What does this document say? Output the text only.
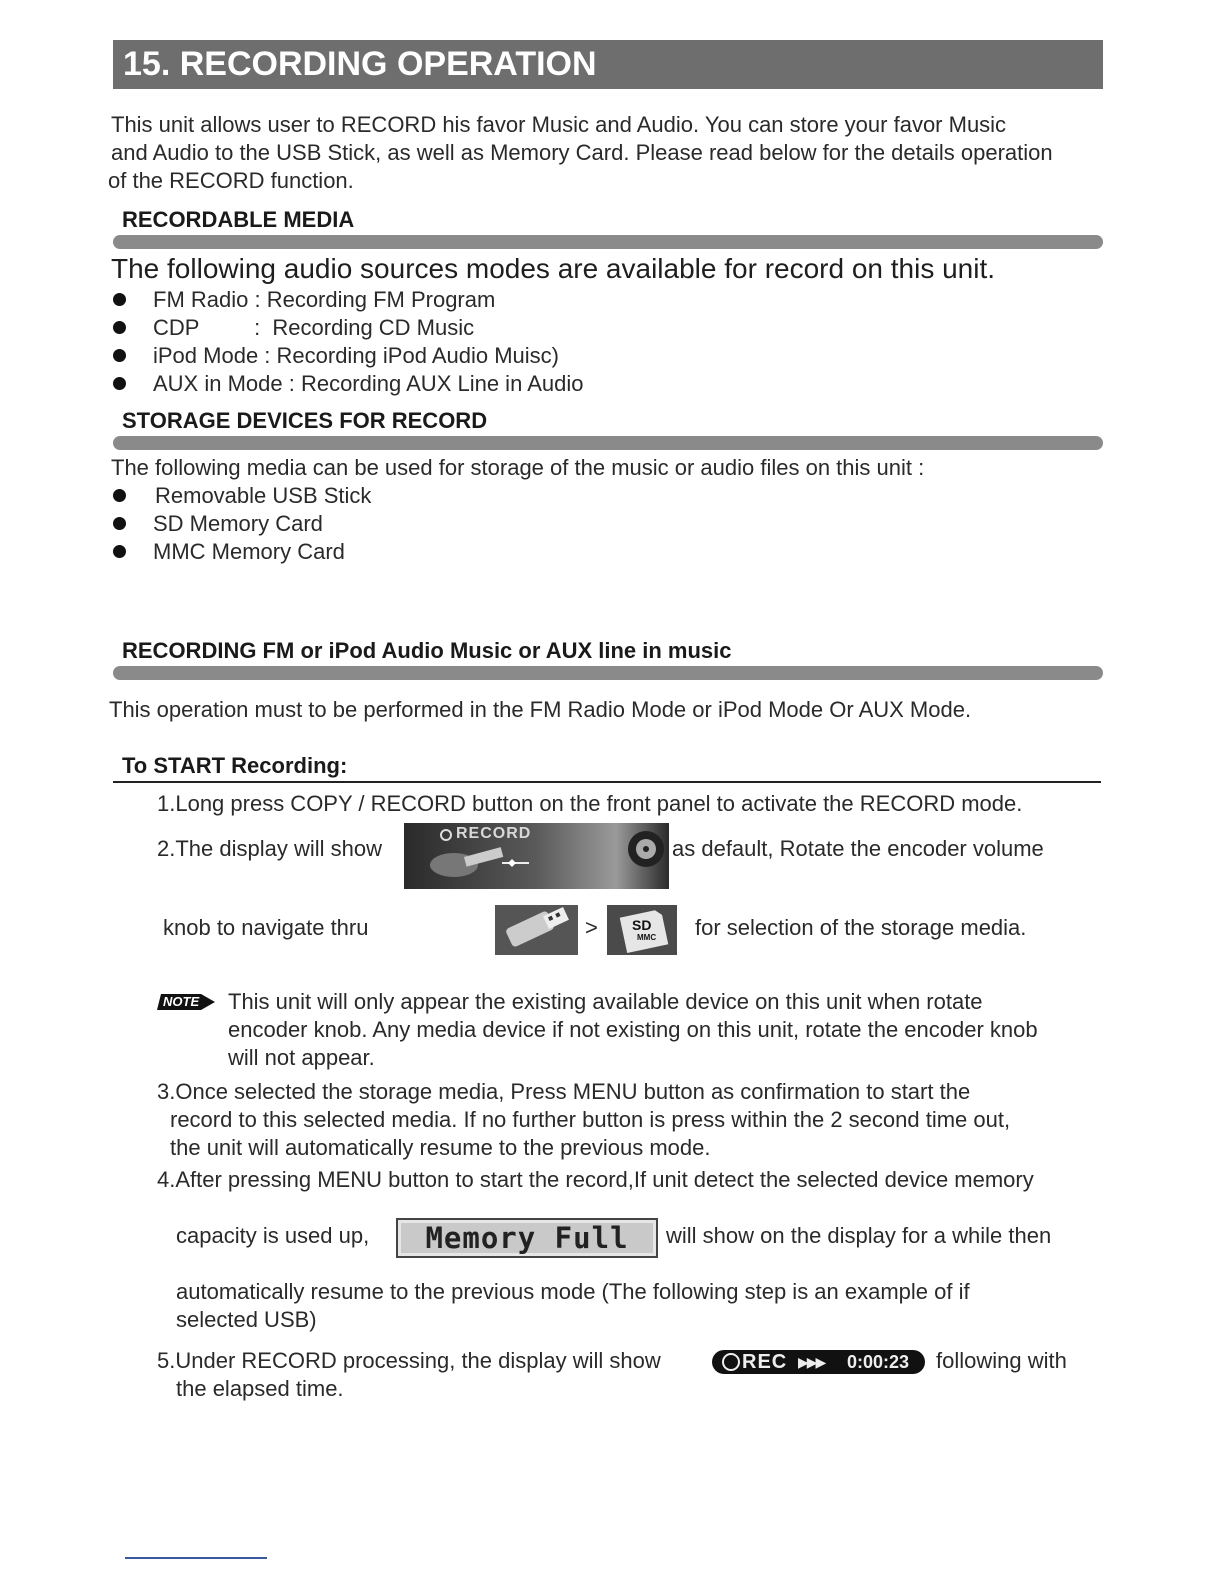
15. RECORDING OPERATION
This unit allows user to RECORD his favor Music and Audio. You can store your favor Music
and Audio to the USB Stick, as well as Memory Card. Please read below for the details operation
of the RECORD function.
RECORDABLE MEDIA
The following audio sources modes are available for record on this unit.
FM Radio : Recording FM Program
CDP         :  Recording CD Music
iPod Mode : Recording iPod Audio Muisc)
AUX in Mode : Recording AUX Line in Audio
STORAGE DEVICES FOR RECORD
The following media can be used for storage of the music or audio files on this unit :
Removable USB Stick
SD Memory Card
MMC Memory Card
RECORDING FM or iPod Audio Music or AUX line in music
This operation must to be performed in the FM Radio Mode or iPod Mode Or AUX Mode.
To START Recording:
1.Long press COPY / RECORD button on the front panel to activate the RECORD mode.
2.The display will show
RECORD
as default, Rotate the encoder volume
knob to navigate thru	> SD
MMC for selection of the storage media.
NOTE This unit will only appear the existing available device on this unit when rotate
encoder knob. Any media device if not existing on this unit, rotate the encoder knob
will not appear.
3.Once selected the storage media, Press MENU button as confirmation to start the
record to this selected media. If no further button is press within the 2 second time out,
the unit will automatically resume to the previous mode.
4.After pressing MENU button to start the record,If unit detect the selected device memory
capacity is used up,	Memory Full	will show on the display for a while then
automatically resume to the previous mode (The following step is an example of if
selected USB)
5.Under RECORD processing, the display will show	REC ▶▶▶ 0:00:23 following with
the elapsed time.
